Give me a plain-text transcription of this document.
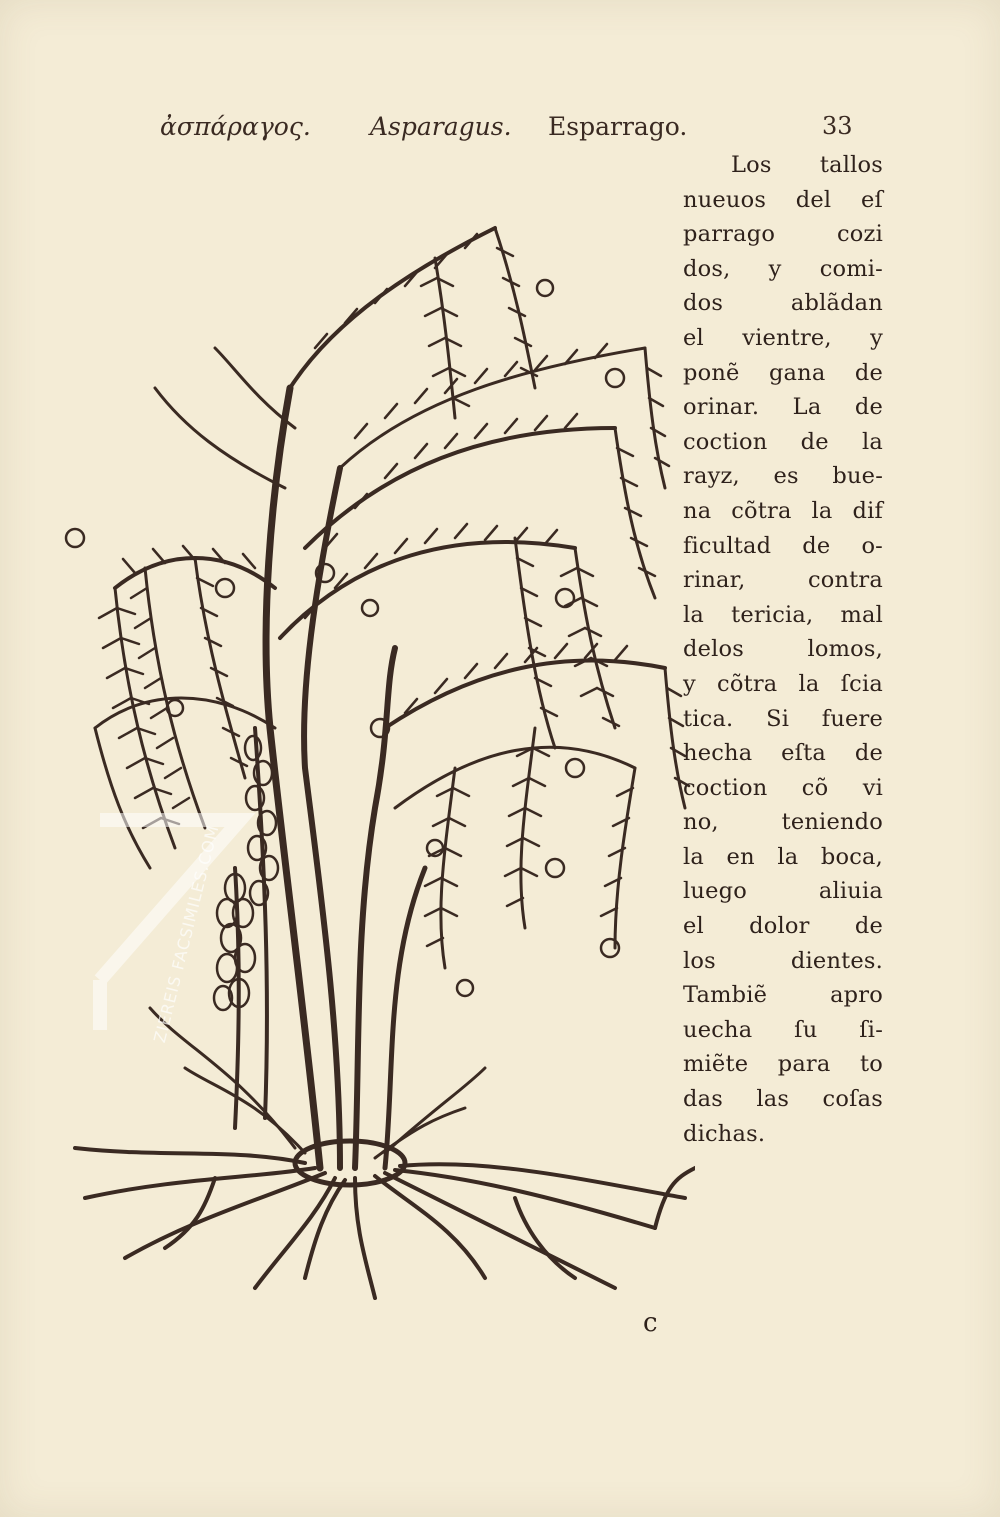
ἀσπάραγος. Asparagus. Esparrago.	33
ZIEREIS FACSIMILES.COM
Los tallos
nueuos del eſ
parrago cozi
dos, y comi-
dos ablãdan
el vientre, y
ponẽ gana de
orinar. La de
coction de la
rayz, es bue-
na cõtra la dif
ficultad de o-
rinar, contra
la tericia, mal
delos lomos,
y cõtra la ſcia
tica. Si fuere
hecha eſta de
coction cõ vi
no, teniendo
la en la boca,
luego aliuia
el dolor de
los dientes.
Tambiẽ apro
uecha ſu ſi-
miẽte para to
das las coſas
dichas.
c
